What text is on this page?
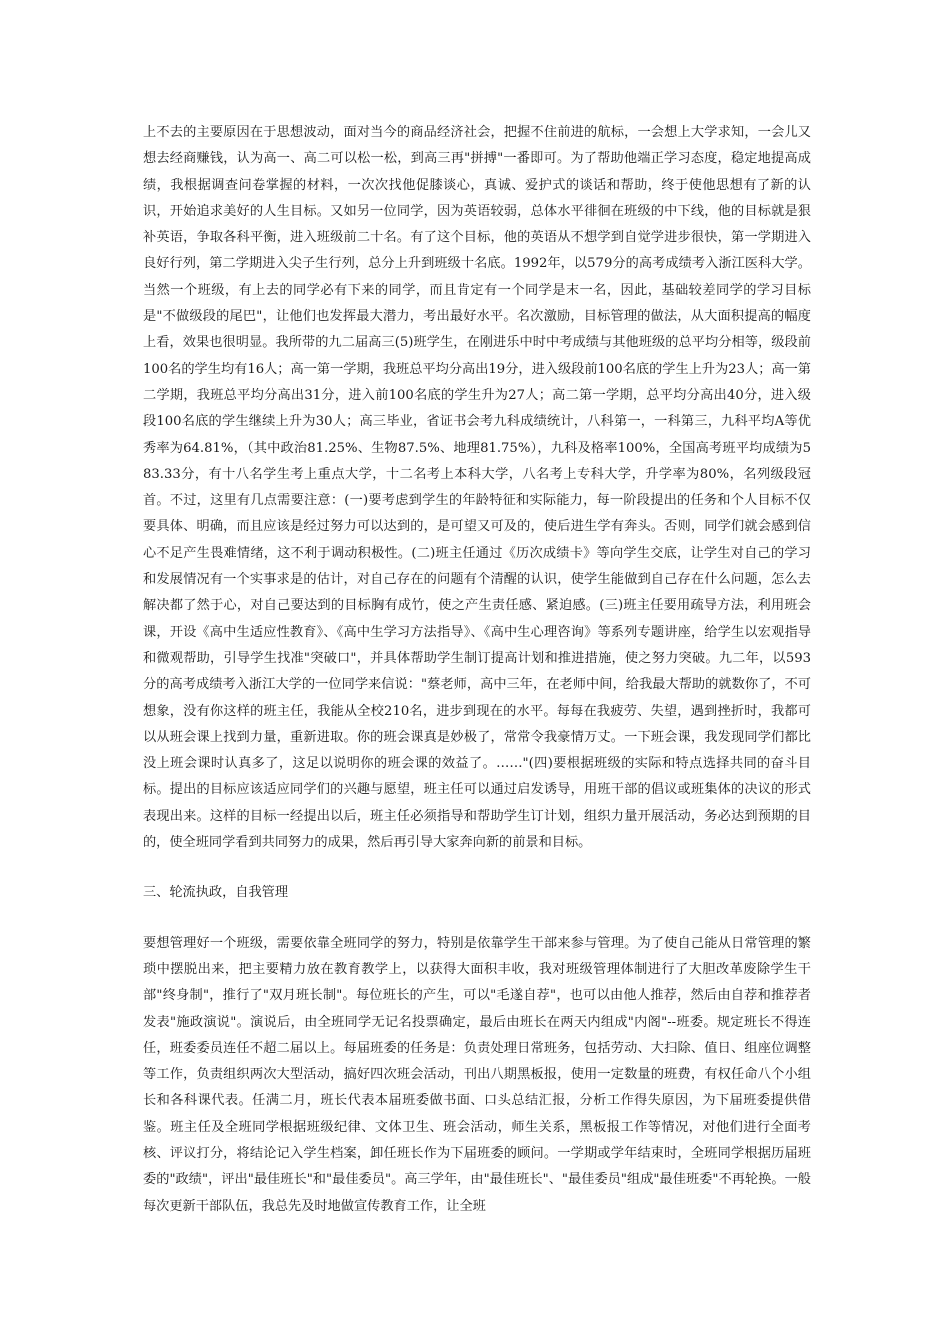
上不去的主要原因在于思想波动，面对当今的商品经济社会，把握不住前进的航标，一会想上大学求知，一会儿又想去经商赚钱，认为高一、高二可以松一松，到高三再"拼搏"一番即可。为了帮助他端正学习态度，稳定地提高成绩，我根据调查问卷掌握的材料，一次次找他促膝谈心，真诚、爱护式的谈话和帮助，终于使他思想有了新的认识，开始追求美好的人生目标。又如另一位同学，因为英语较弱，总体水平徘徊在班级的中下线，他的目标就是狠补英语，争取各科平衡，进入班级前二十名。有了这个目标，他的英语从不想学到自觉学进步很快，第一学期进入良好行列，第二学期进入尖子生行列，总分上升到班级十名底。1992年，以579分的高考成绩考入浙江医科大学。当然一个班级，有上去的同学必有下来的同学，而且肯定有一个同学是末一名，因此，基础较差同学的学习目标是"不做级段的尾巴"，让他们也发挥最大潜力，考出最好水平。名次激励，目标管理的做法，从大面积提高的幅度上看，效果也很明显。我所带的九二届高三(5)班学生，在刚进乐中时中考成绩与其他班级的总平均分相等，级段前100名的学生均有16人；高一第一学期，我班总平均分高出19分，进入级段前100名底的学生上升为23人；高一第二学期，我班总平均分高出31分，进入前100名底的学生升为27人；高二第一学期，总平均分高出40分，进入级段100名底的学生继续上升为30人；高三毕业，省证书会考九科成绩统计，八科第一，一科第三，九科平均A等优秀率为64.81%，（其中政治81.25%、生物87.5%、地理81.75%），九科及格率100%，全国高考班平均成绩为583.33分，有十八名学生考上重点大学，十二名考上本科大学，八名考上专科大学，升学率为80%，名列级段冠首。不过，这里有几点需要注意：(一)要考虑到学生的年龄特征和实际能力，每一阶段提出的任务和个人目标不仅要具体、明确，而且应该是经过努力可以达到的，是可望又可及的，使后进生学有奔头。否则，同学们就会感到信心不足产生畏难情绪，这不利于调动积极性。(二)班主任通过《历次成绩卡》等向学生交底，让学生对自己的学习和发展情况有一个实事求是的估计，对自己存在的问题有个清醒的认识，使学生能做到自己存在什么问题，怎么去解决都了然于心，对自己要达到的目标胸有成竹，使之产生责任感、紧迫感。(三)班主任要用疏导方法，利用班会课，开设《高中生适应性教育》、《高中生学习方法指导》、《高中生心理咨询》等系列专题讲座，给学生以宏观指导和微观帮助，引导学生找准"突破口"，并具体帮助学生制订提高计划和推进措施，使之努力突破。九二年，以593分的高考成绩考入浙江大学的一位同学来信说："蔡老师，高中三年，在老师中间，给我最大帮助的就数你了，不可想象，没有你这样的班主任，我能从全校210名，进步到现在的水平。每每在我疲劳、失望，遇到挫折时，我都可以从班会课上找到力量，重新进取。你的班会课真是妙极了，常常令我豪情万丈。一下班会课，我发现同学们都比没上班会课时认真多了，这足以说明你的班会课的效益了。……"(四)要根据班级的实际和特点选择共同的奋斗目标。提出的目标应该适应同学们的兴趣与愿望，班主任可以通过启发诱导，用班干部的倡议或班集体的决议的形式表现出来。这样的目标一经提出以后，班主任必须指导和帮助学生订计划，组织力量开展活动，务必达到预期的目的，使全班同学看到共同努力的成果，然后再引导大家奔向新的前景和目标。

三、轮流执政，自我管理

要想管理好一个班级，需要依靠全班同学的努力，特别是依靠学生干部来参与管理。为了使自己能从日常管理的繁琐中摆脱出来，把主要精力放在教育教学上，以获得大面积丰收，我对班级管理体制进行了大胆改革废除学生干部"终身制"，推行了"双月班长制"。每位班长的产生，可以"毛遂自荐"，也可以由他人推荐，然后由自荐和推荐者发表"施政演说"。演说后，由全班同学无记名投票确定，最后由班长在两天内组成"内阁"--班委。规定班长不得连任，班委委员连任不超二届以上。每届班委的任务是：负责处理日常班务，包括劳动、大扫除、值日、组座位调整等工作，负责组织两次大型活动，搞好四次班会活动，刊出八期黑板报，使用一定数量的班费，有权任命八个小组长和各科课代表。任满二月，班长代表本届班委做书面、口头总结汇报，分析工作得失原因，为下届班委提供借鉴。班主任及全班同学根据班级纪律、文体卫生、班会活动，师生关系，黑板报工作等情况，对他们进行全面考核、评议打分，将结论记入学生档案，卸任班长作为下届班委的顾问。一学期或学年结束时，全班同学根据历届班委的"政绩"，评出"最佳班长"和"最佳委员"。高三学年，由"最佳班长"、"最佳委员"组成"最佳班委"不再轮换。一般每次更新干部队伍，我总先及时地做宣传教育工作，让全班
